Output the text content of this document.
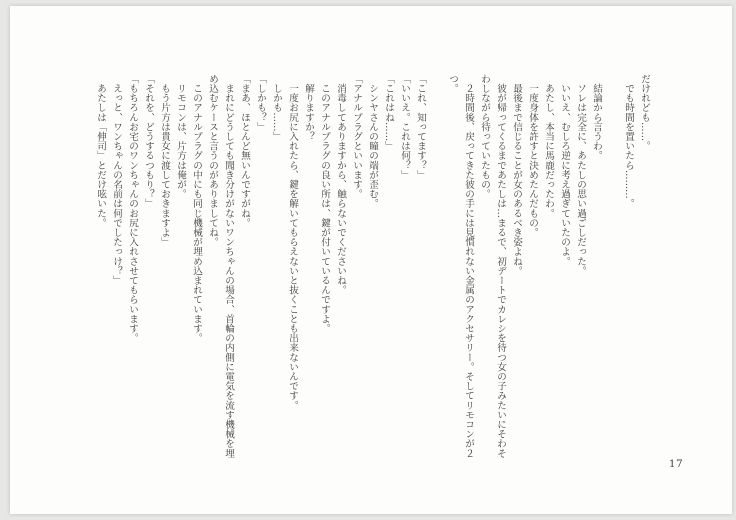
だけれども……。
　でも時間を置いたら………。
　結論から言うわ。
　ソレは完全に、あたしの思い過ごしだった。
　いいえ、むしろ逆に考え過ぎていたのよ。
　あたし、本当に馬鹿だったわ。
　一度身体を許すと決めたんだもの。
　最後まで信じることが女のあるべき姿よね。
　彼が帰ってくるまであたしは…まるで、初デートでカレシを待つ女の子みたいにそわそ
わしながら待っていたもの。
　２時間後、戻ってきた彼の手には見慣れない金属のアクセサリー。そしてリモコンが２
つ。
「これ、知ってます？」
「いいえ。これは何？」
「これはね……」
　シンヤさんの瞳の端が歪む。
「アナルプラグといいます。
　消毒してありますから、触らないでくださいね。
　このアナルプラグの良い所は、鍵が付いているんですよ。
　解りますか？
　一度お尻に入れたら、鍵を解いてもらえないと抜くことも出来ないんです。
　しかも……」
「しかも？」
「まあ、ほとんど無いんですがね。
　まれにどうしても聞き分けがないワンちゃんの場合、首輪の内側に電気を流す機械を埋
め込むケースと言うのがありましてね。
　このアナルプラグの中にも同じ機械が埋め込まれています。
　リモコンは、片方は俺が。
　もう片方は貴女に渡しておきますよ」
「それを、どうするつもり？」
「もちろんお宅のワンちゃんのお尻に入れさせてもらいます。
　えっと、ワンちゃんの名前は何でしたっけ？」
　あたしは「伸司」とだけ呟いた。
17
